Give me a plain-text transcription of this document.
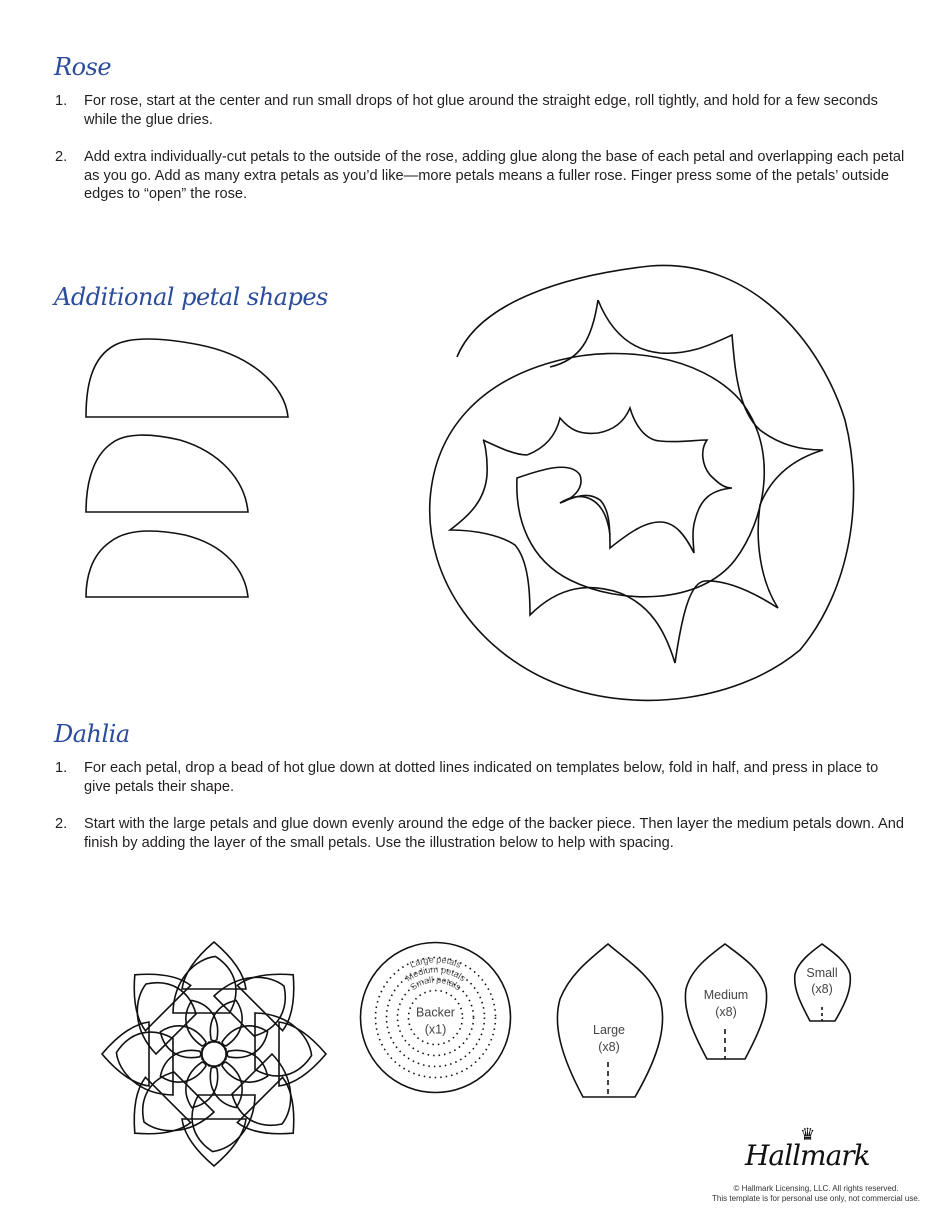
Rose
1. For rose, start at the center and run small drops of hot glue around the straight edge, roll tightly, and hold for a few seconds while the glue dries.
2. Add extra individually-cut petals to the outside of the rose, adding glue along the base of each petal and overlapping each petal as you go. Add as many extra petals as you’d like—more petals means a fuller rose. Finger press some of the petals’ outside edges to “open” the rose.
Additional petal shapes
Dahlia
1. For each petal, drop a bead of hot glue down at dotted lines indicated on templates below, fold in half, and press in place to give petals their shape.
2. Start with the large petals and glue down evenly around the edge of the backer piece. Then layer the medium petals down. And finish by adding the layer of the small petals. Use the illustration below to help with spacing.
Large petals
Medium petals
Small petals
Backer
(x1)	Large
(x8)
Medium
(x8)
Small
(x8)
♛
Hallmark
© Hallmark Licensing, LLC. All rights reserved.
This template is for personal use only, not commercial use.
